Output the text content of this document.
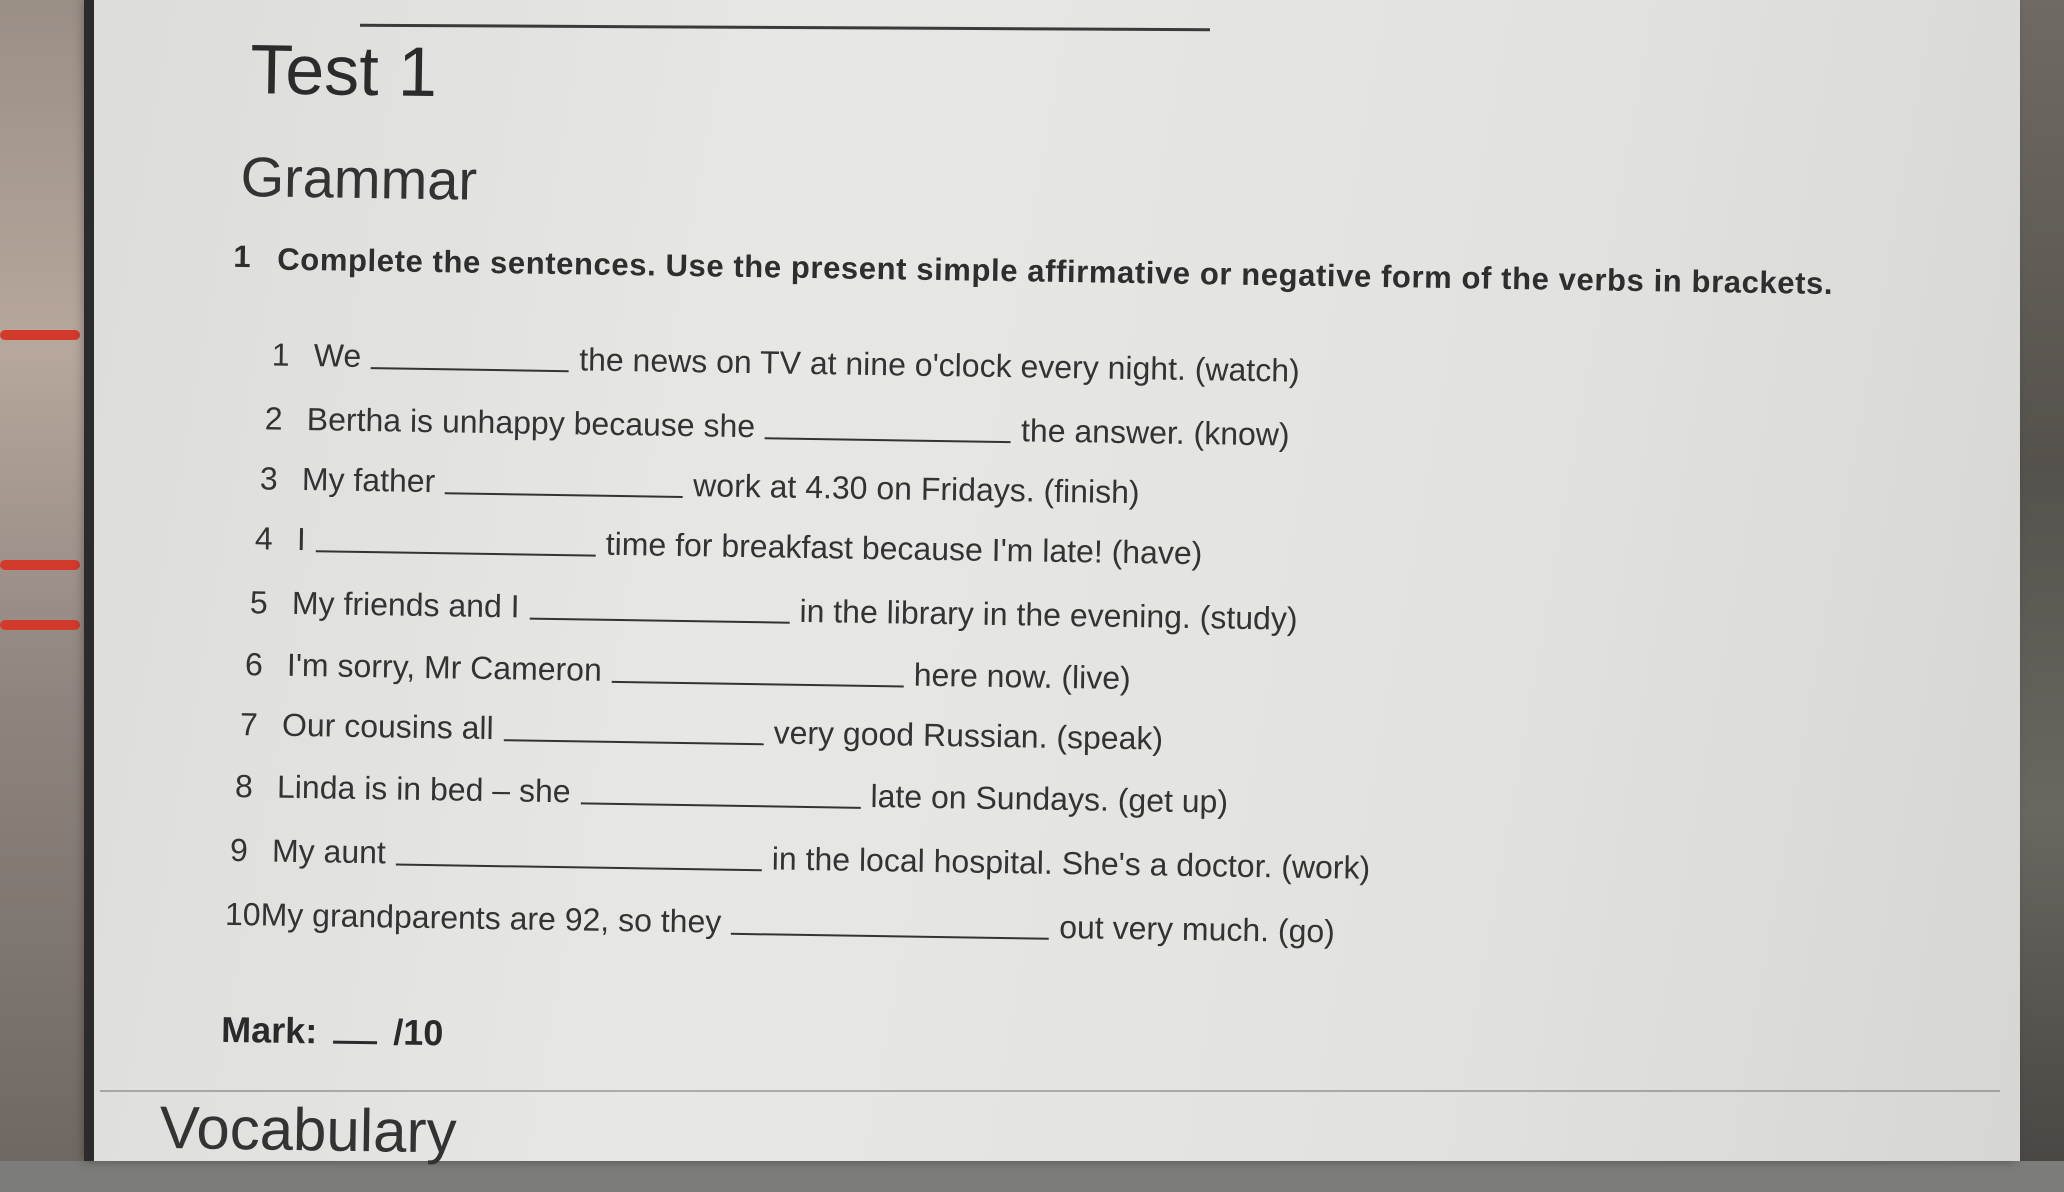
Test 1
Grammar
1 Complete the sentences. Use the present simple affirmative or negative form of the verbs in brackets.
1 We	the news on TV at nine o'clock every night. (watch)
2 Bertha is unhappy because she	the answer. (know)
3 My father	work at 4.30 on Fridays. (finish)
4 I	time for breakfast because I'm late! (have)
5 My friends and I	in the library in the evening. (study)
6 I'm sorry, Mr Cameron	here now. (live)
7 Our cousins all	very good Russian. (speak)
8 Linda is in bed – she	late on Sundays. (get up)
9 My aunt	in the local hospital. She's a doctor. (work)
10 My grandparents are 92, so they	out very much. (go)
Mark: /10
Vocabulary
